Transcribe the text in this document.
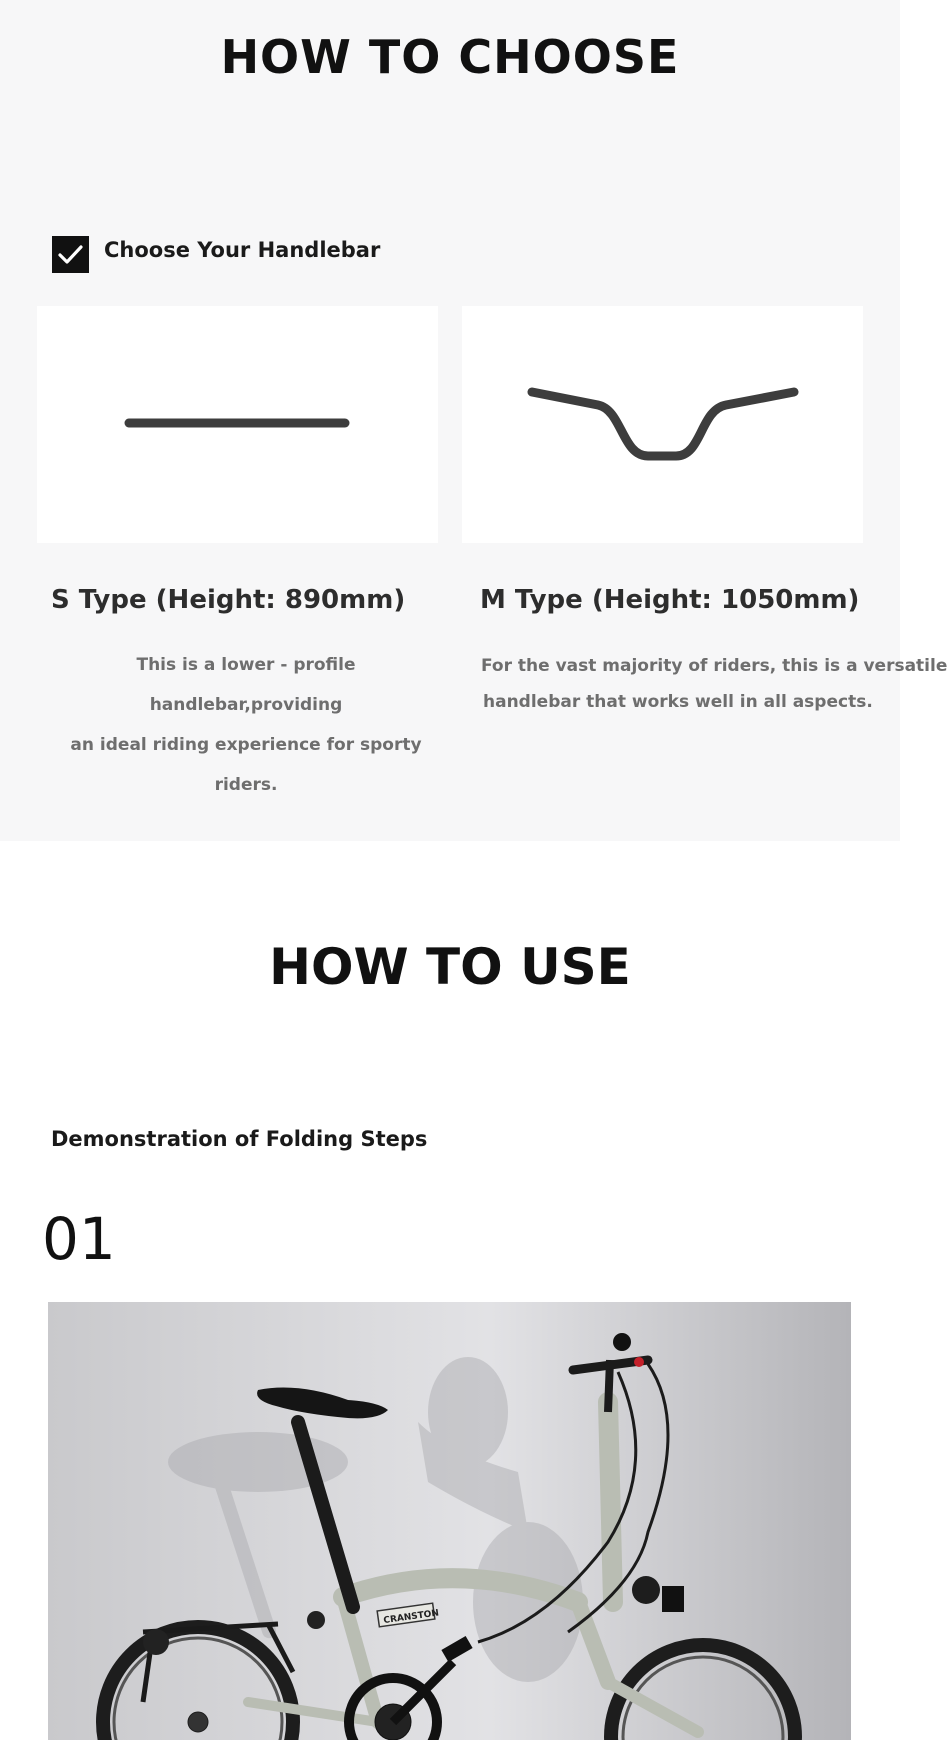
HOW TO CHOOSE
Choose Your Handlebar
S Type (Height: 890mm)	M Type (Height: 1050mm)

This is a lower - profile handlebar,providing
an ideal riding experience for sporty riders.

For the vast majority of riders, this is a versatile
handlebar that works well in all aspects.

HOW TO USE
Demonstration of Folding Steps
01
CRANSTON
